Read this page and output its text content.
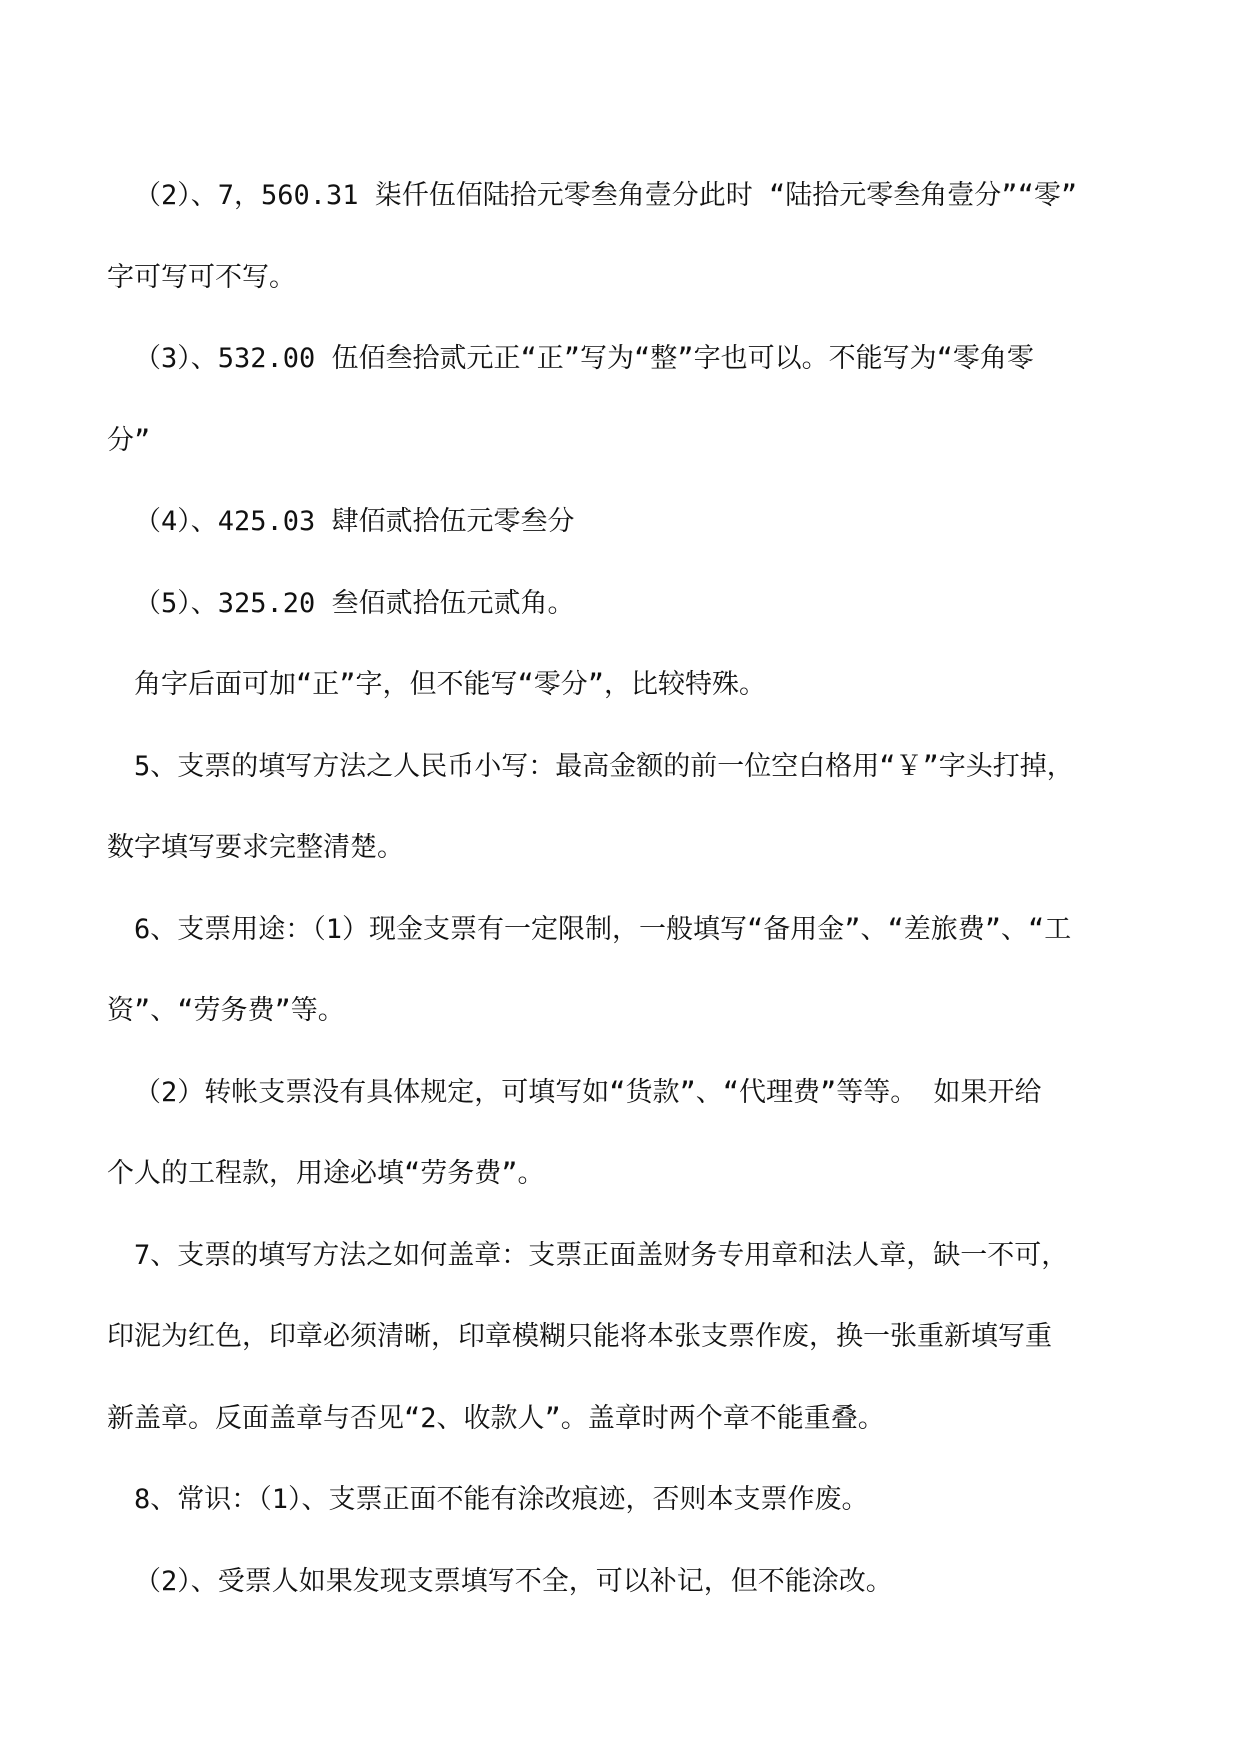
（2）、7，560.31 柒仟伍佰陆拾元零叁角壹分此时 “陆拾元零叁角壹分”“零”
字可写可不写。
（3）、532.00 伍佰叁拾贰元正“正”写为“整”字也可以。不能写为“零角零
分”
（4）、425.03 肆佰贰拾伍元零叁分
（5）、325.20 叁佰贰拾伍元贰角。
角字后面可加“正”字，但不能写“零分”，比较特殊。
5、支票的填写方法之人民币小写：最高金额的前一位空白格用“￥”字头打掉，
数字填写要求完整清楚。
6、支票用途：（1）现金支票有一定限制，一般填写“备用金”、“差旅费”、“工
资”、“劳务费”等。
（2）转帐支票没有具体规定，可填写如“货款”、“代理费”等等。 如果开给
个人的工程款，用途必填“劳务费”。
7、支票的填写方法之如何盖章：支票正面盖财务专用章和法人章，缺一不可，
印泥为红色，印章必须清晰，印章模糊只能将本张支票作废，换一张重新填写重
新盖章。反面盖章与否见“2、收款人”。盖章时两个章不能重叠。
8、常识：（1）、支票正面不能有涂改痕迹，否则本支票作废。
（2）、受票人如果发现支票填写不全，可以补记，但不能涂改。
